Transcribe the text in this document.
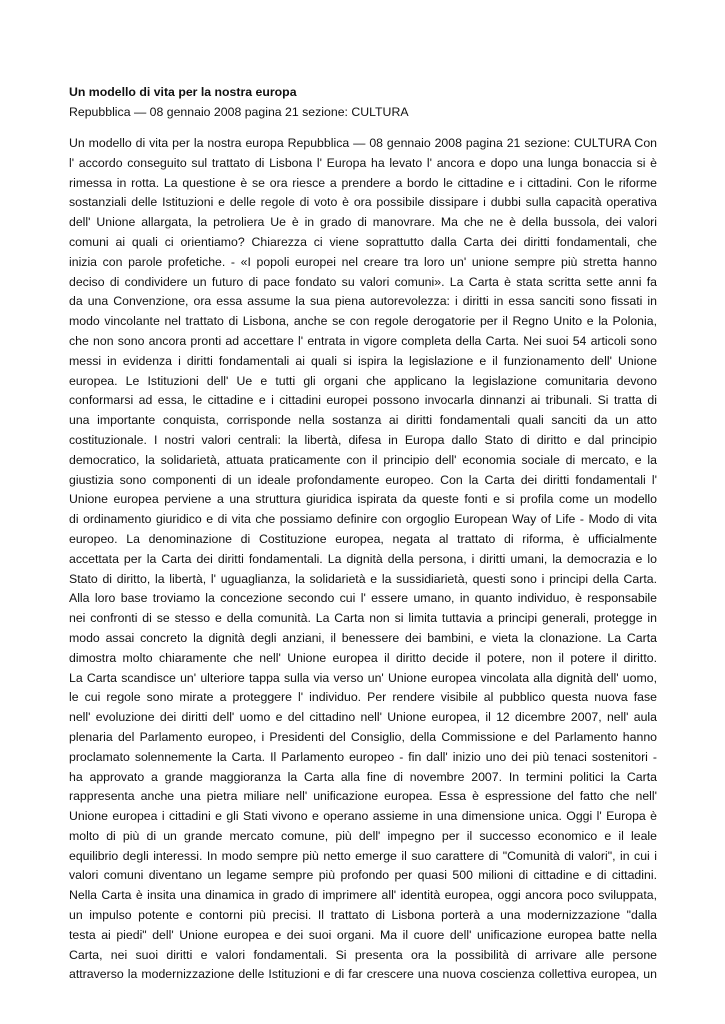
Un modello di vita per la nostra europa

Repubblica — 08 gennaio 2008 pagina 21 sezione: CULTURA

Un modello di vita per la nostra europa Repubblica — 08 gennaio 2008 pagina 21 sezione: CULTURA Con
l' accordo conseguito sul trattato di Lisbona l' Europa ha levato l' ancora e dopo una lunga bonaccia si è
rimessa in rotta. La questione è se ora riesce a prendere a bordo le cittadine e i cittadini. Con le riforme
sostanziali delle Istituzioni e delle regole di voto è ora possibile dissipare i dubbi sulla capacità operativa
dell' Unione allargata, la petroliera Ue è in grado di manovrare. Ma che ne è della bussola, dei valori
comuni ai quali ci orientiamo? Chiarezza ci viene soprattutto dalla Carta dei diritti fondamentali, che
inizia con parole profetiche. - «I popoli europei nel creare tra loro un' unione sempre più stretta hanno
deciso di condividere un futuro di pace fondato su valori comuni». La Carta è stata scritta sette anni fa
da una Convenzione, ora essa assume la sua piena autorevolezza: i diritti in essa sanciti sono fissati in
modo vincolante nel trattato di Lisbona, anche se con regole derogatorie per il Regno Unito e la Polonia,
che non sono ancora pronti ad accettare l' entrata in vigore completa della Carta. Nei suoi 54 articoli sono
messi in evidenza i diritti fondamentali ai quali si ispira la legislazione e il funzionamento dell' Unione
europea. Le Istituzioni dell' Ue e tutti gli organi che applicano la legislazione comunitaria devono
conformarsi ad essa, le cittadine e i cittadini europei possono invocarla dinnanzi ai tribunali. Si tratta di
una importante conquista, corrisponde nella sostanza ai diritti fondamentali quali sanciti da un atto
costituzionale. I nostri valori centrali: la libertà, difesa in Europa dallo Stato di diritto e dal principio
democratico, la solidarietà, attuata praticamente con il principio dell' economia sociale di mercato, e la
giustizia sono componenti di un ideale profondamente europeo. Con la Carta dei diritti fondamentali l'
Unione europea perviene a una struttura giuridica ispirata da queste fonti e si profila come un modello
di ordinamento giuridico e di vita che possiamo definire con orgoglio European Way of Life - Modo di vita
europeo. La denominazione di Costituzione europea, negata al trattato di riforma, è ufficialmente
accettata per la Carta dei diritti fondamentali. La dignità della persona, i diritti umani, la democrazia e lo
Stato di diritto, la libertà, l' uguaglianza, la solidarietà e la sussidiarietà, questi sono i principi della Carta.
Alla loro base troviamo la concezione secondo cui l' essere umano, in quanto individuo, è responsabile
nei confronti di se stesso e della comunità. La Carta non si limita tuttavia a principi generali, protegge in
modo assai concreto la dignità degli anziani, il benessere dei bambini, e vieta la clonazione. La Carta
dimostra molto chiaramente che nell' Unione europea il diritto decide il potere, non il potere il diritto.
La Carta scandisce un' ulteriore tappa sulla via verso un' Unione europea vincolata alla dignità dell' uomo,
le cui regole sono mirate a proteggere l' individuo. Per rendere visibile al pubblico questa nuova fase
nell' evoluzione dei diritti dell' uomo e del cittadino nell' Unione europea, il 12 dicembre 2007, nell' aula
plenaria del Parlamento europeo, i Presidenti del Consiglio, della Commissione e del Parlamento hanno
proclamato solennemente la Carta. Il Parlamento europeo - fin dall' inizio uno dei più tenaci sostenitori -
ha approvato a grande maggioranza la Carta alla fine di novembre 2007. In termini politici la Carta
rappresenta anche una pietra miliare nell' unificazione europea. Essa è espressione del fatto che nell'
Unione europea i cittadini e gli Stati vivono e operano assieme in una dimensione unica. Oggi l' Europa è
molto di più di un grande mercato comune, più dell' impegno per il successo economico e il leale
equilibrio degli interessi. In modo sempre più netto emerge il suo carattere di "Comunità di valori", in cui i
valori comuni diventano un legame sempre più profondo per quasi 500 milioni di cittadine e di cittadini.
Nella Carta è insita una dinamica in grado di imprimere all' identità europea, oggi ancora poco sviluppata,
un impulso potente e contorni più precisi. Il trattato di Lisbona porterà a una modernizzazione "dalla
testa ai piedi" dell' Unione europea e dei suoi organi. Ma il cuore dell' unificazione europea batte nella
Carta, nei suoi diritti e valori fondamentali. Si presenta ora la possibilità di arrivare alle persone
attraverso la modernizzazione delle Istituzioni e di far crescere una nuova coscienza collettiva europea, un
